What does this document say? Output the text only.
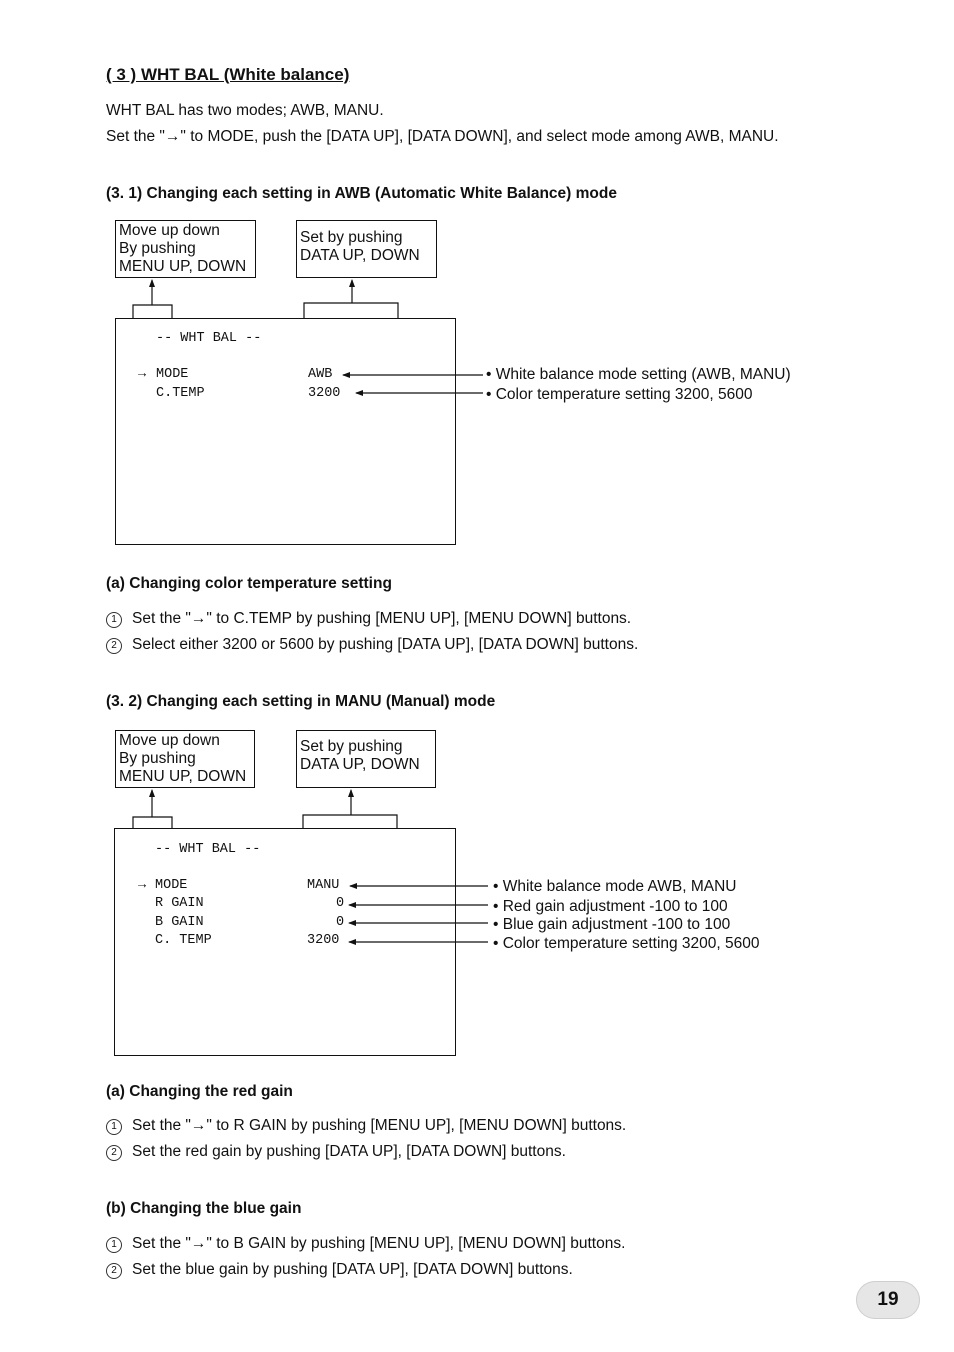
( 3 ) WHT BAL (White balance)
WHT BAL has two modes; AWB, MANU.
Set the "→" to MODE, push the [DATA UP], [DATA DOWN], and select mode among AWB, MANU.
(3. 1) Changing each setting in AWB (Automatic White Balance) mode
Move up down
By pushing
MENU UP, DOWN
Set by pushing
DATA UP, DOWN
-- WHT BAL --
→ MODE	AWB
C.TEMP	3200
• White balance mode setting (AWB, MANU)
• Color temperature setting 3200, 5600
(a) Changing color temperature setting
1 Set the "→" to C.TEMP by pushing [MENU UP], [MENU DOWN] buttons.
2 Select either 3200 or 5600 by pushing [DATA UP], [DATA DOWN] buttons.
(3. 2) Changing each setting in MANU (Manual) mode
Move up down
By pushing
MENU UP, DOWN
Set by pushing
DATA UP, DOWN
-- WHT BAL --
→ MODE	MANU
R GAIN	0
B GAIN	0
C. TEMP	3200
• White balance mode AWB, MANU
• Red gain adjustment -100 to 100
• Blue gain adjustment -100 to 100
• Color temperature setting 3200, 5600
(a) Changing the red gain
1 Set the "→" to R GAIN by pushing [MENU UP], [MENU DOWN] buttons.
2 Set the red gain by pushing [DATA UP], [DATA DOWN] buttons.
(b) Changing the blue gain
1 Set the "→" to B GAIN by pushing [MENU UP], [MENU DOWN] buttons.
2 Set the blue gain by pushing [DATA UP], [DATA DOWN] buttons.
19
